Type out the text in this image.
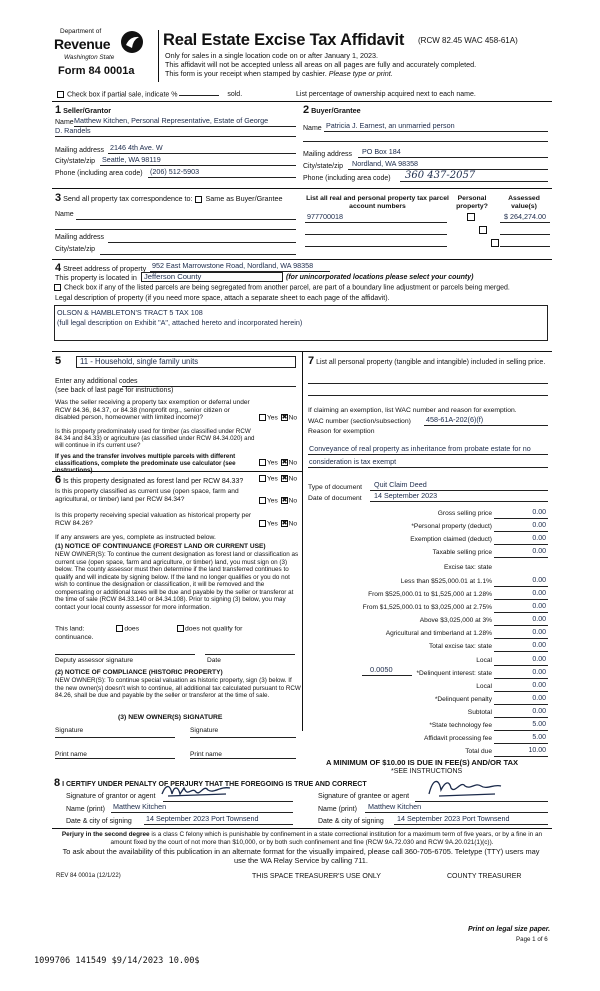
Department of
Revenue
Washington State
Form 84 0001a
Real Estate Excise Tax Affidavit (RCW 82.45 WAC 458-61A)
Only for sales in a single location code on or after January 1, 2023.
This affidavit will not be accepted unless all areas on all pages are fully and accurately completed.
This form is your receipt when stamped by cashier. Please type or print.
Check box if partial sale, indicate %	sold.	List percentage of ownership acquired next to each name.
1 Seller/Grantor
Name Matthew Kitchen, Personal Representative, Estate of George
D. Randels
Mailing address 2146 4th Ave. W
City/state/zip Seattle, WA 98119
Phone (including area code) (206) 512-5903
2 Buyer/Grantee
Name Patricia J. Earnest, an unmarried person
Mailing address PO Box 184
City/state/zip Nordland, WA 98358
Phone (including area code) 360 437-2057
3 Send all property tax correspondence to: Same as Buyer/Grantee
Name
Mailing address
City/state/zip
List all real and personal property tax parcel account numbers
Personal property?
Assessed value(s)
977700018
	$ 264,274.00
4 Street address of property 952 East Marrowstone Road, Nordland, WA 98358
This property is located in Jefferson County	(for unincorporated locations please select your county)
Check box if any of the listed parcels are being segregated from another parcel, are part of a boundary line adjustment or parcels being merged.
Legal description of property (if you need more space, attach a separate sheet to each page of the affidavit).
OLSON & HAMBLETON'S TRACT 5 TAX 108
(full legal description on Exhibit "A", attached hereto and incorporated herein)
5 11 - Household, single family units
Enter any additional codes
(see back of last page for instructions)
Was the seller receiving a property tax exemption or deferral under RCW 84.36, 84.37, or 84.38 (nonprofit org., senior citizen or disabled person, homeowner with limited income)?	Yes ✖ No
Is this property predominately used for timber (as classified under RCW 84.34 and 84.33) or agriculture (as classified under RCW 84.34.020) and will continue in it's current use?
If yes and the transfer involves multiple parcels with different classifications, complete the predominate use calculator (see instructions)
Yes ✖ No
6 Is this property designated as forest land per RCW 84.33?	Yes ✖ No
Is this property classified as current use (open space, farm and agricultural, or timber) land per RCW 84.34?	Yes ✖ No
Is this property receiving special valuation as historical property per RCW 84.26?	Yes ✖ No
If any answers are yes, complete as instructed below.
(1) NOTICE OF CONTINUANCE (FOREST LAND OR CURRENT USE)
NEW OWNER(S): To continue the current designation as forest land or classification as current use (open space, farm and agriculture, or timber) land, you must sign on (3) below. The county assessor must then determine if the land transferred continues to qualify and will indicate by signing below. If the land no longer qualifies or you do not wish to continue the designation or classification, it will be removed and the compensating or additional taxes will be due and payable by the seller or transferor at the time of sale (RCW 84.33.140 or 84.34.108). Prior to signing (3) below, you may contact your local county assessor for more information.
This land:	does	does not qualify for
continuance.
Deputy assessor signature	Date
(2) NOTICE OF COMPLIANCE (HISTORIC PROPERTY)
NEW OWNER(S): To continue special valuation as historic property, sign (3) below. If the new owner(s) doesn't wish to continue, all additional tax calculated pursuant to RCW 84.26, shall be due and payable by the seller or transferor at the time of sale.
(3) NEW OWNER(S) SIGNATURE
Signature	Signature
Print name	Print name
7 List all personal property (tangible and intangible) included in selling price.
If claiming an exemption, list WAC number and reason for exemption.
WAC number (section/subsection) 458-61A-202(6)(f)
Reason for exemption
Conveyance of real property as inheritance from probate estate for no
consideration is tax exempt
Type of document Quit Claim Deed
Date of document 14 September 2023
Gross selling price	0.00
*Personal property (deduct)	0.00
Exemption claimed (deduct)	0.00
Taxable selling price	0.00
Excise tax: state
Less than $525,000.01 at 1.1%	0.00
From $525,000.01 to $1,525,000 at 1.28%	0.00
From $1,525,000.01 to $3,025,000 at 2.75%	0.00
Above $3,025,000 at 3%	0.00
Agricultural and timberland at 1.28%	0.00
Total excise tax: state	0.00
Local	0.00
*Delinquent interest: state	0.00
Local	0.00
*Delinquent penalty	0.00
Subtotal	0.00
*State technology fee	5.00
Affidavit processing fee	5.00
Total due	10.00
0.0050
A MINIMUM OF $10.00 IS DUE IN FEE(S) AND/OR TAX
*SEE INSTRUCTIONS
8 I CERTIFY UNDER PENALTY OF PERJURY THAT THE FOREGOING IS TRUE AND CORRECT
Signature of grantor or agent
Name (print) Matthew Kitchen
Date & city of signing 14 September 2023 Port Townsend
Signature of grantee or agent
Name (print) Matthew Kitchen
Date & city of signing 14 September 2023 Port Townsend
Perjury in the second degree is a class C felony which is punishable by confinement in a state correctional institution for a maximum term of five years, or by a fine in an amount fixed by the court of not more than $10,000, or by both such confinement and fine (RCW 9A.72.030 and RCW 9A.20.021(1)(c)).
To ask about the availability of this publication in an alternate format for the visually impaired, please call 360-705-6705. Teletype (TTY) users may use the WA Relay Service by calling 711.
REV 84 0001a (12/1/22)	THIS SPACE TREASURER'S USE ONLY	COUNTY TREASURER
Print on legal size paper.
Page 1 of 6
1099706 141549 $9/14/2023 10.00$
